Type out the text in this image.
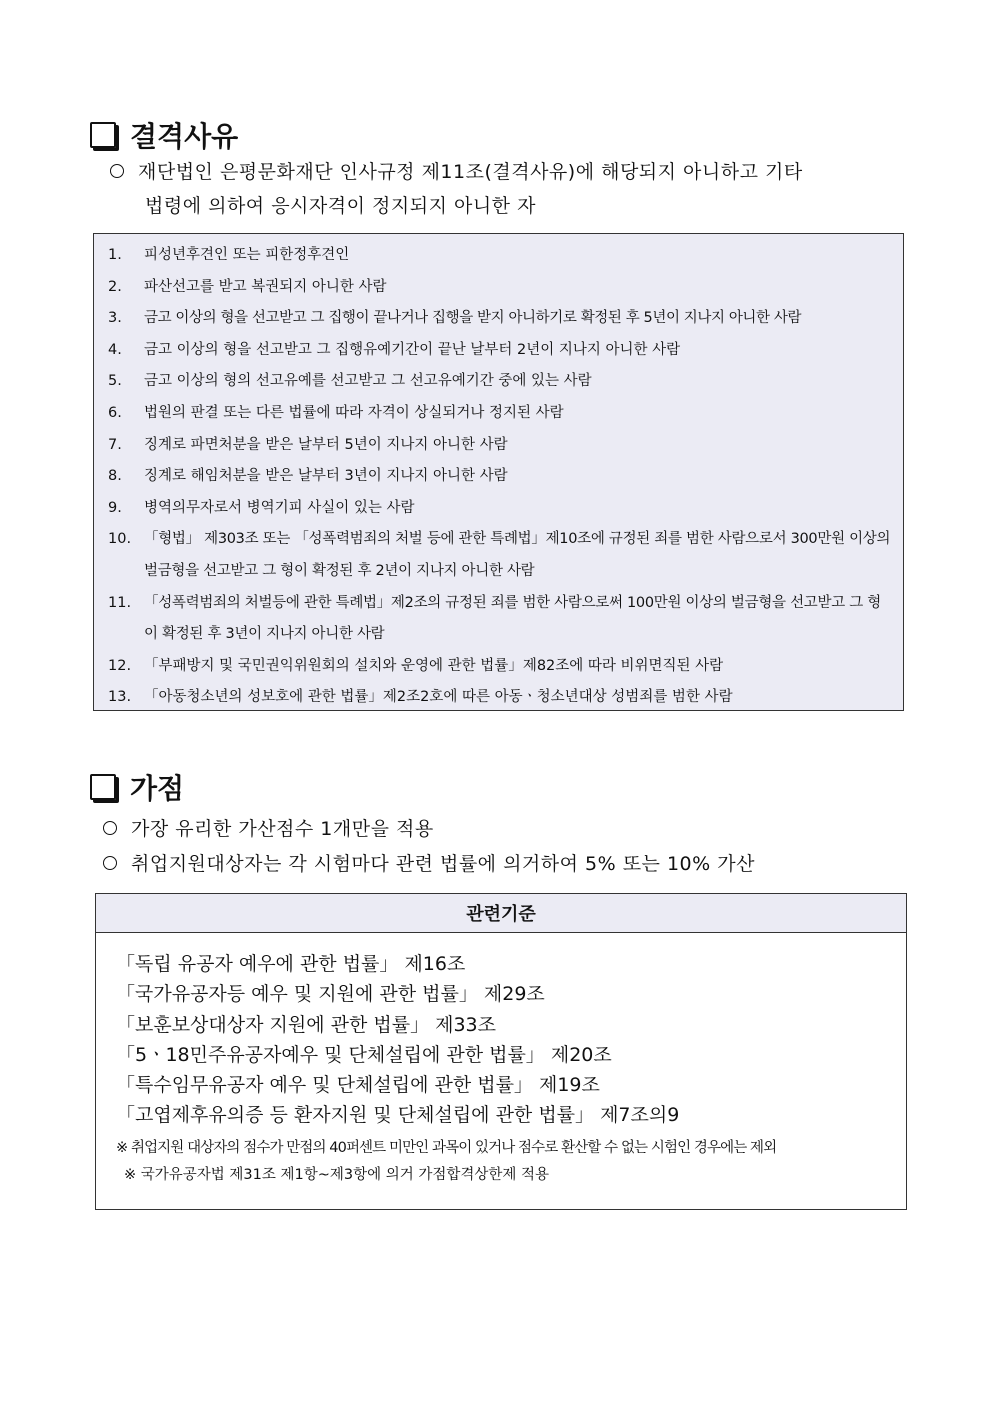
결격사유
재단법인 은평문화재단 인사규정 제11조(결격사유)에 해당되지 아니하고 기타
법령에 의하여 응시자격이 정지되지 아니한 자
1.	피성년후견인 또는 피한정후견인
2.	파산선고를 받고 복권되지 아니한 사람
3.	금고 이상의 형을 선고받고 그 집행이 끝나거나 집행을 받지 아니하기로 확정된 후 5년이 지나지 아니한 사람
4.	금고 이상의 형을 선고받고 그 집행유예기간이 끝난 날부터 2년이 지나지 아니한 사람
5.	금고 이상의 형의 선고유예를 선고받고 그 선고유예기간 중에 있는 사람
6.	법원의 판결 또는 다른 법률에 따라 자격이 상실되거나 정지된 사람
7.	징계로 파면처분을 받은 날부터 5년이 지나지 아니한 사람
8.	징계로 해임처분을 받은 날부터 3년이 지나지 아니한 사람
9.	병역의무자로서 병역기피 사실이 있는 사람
10. 「형법」 제303조 또는 「성폭력범죄의 처벌 등에 관한 특례법」제10조에 규정된 죄를 범한 사람으로서 300만원 이상의 벌금형을 선고받고 그 형이 확정된 후 2년이 지나지 아니한 사람
11. 「성폭력범죄의 처벌등에 관한 특례법」제2조의 규정된 죄를 범한 사람으로써 100만원 이상의 벌금형을 선고받고 그 형이 확정된 후 3년이 지나지 아니한 사람
12. 「부패방지 및 국민권익위원회의 설치와 운영에 관한 법률」제82조에 따라 비위면직된 사람
13. 「아동청소년의 성보호에 관한 법률」제2조2호에 따른 아동ㆍ청소년대상 성범죄를 범한 사람
가점
가장 유리한 가산점수 1개만을 적용
취업지원대상자는 각 시험마다 관련 법률에 의거하여 5% 또는 10% 가산
관련기준
「독립 유공자 예우에 관한 법률」 제16조
「국가유공자등 예우 및 지원에 관한 법률」 제29조
「보훈보상대상자 지원에 관한 법률」 제33조
「5ㆍ18민주유공자예우 및 단체설립에 관한 법률」 제20조
「특수임무유공자 예우 및 단체설립에 관한 법률」 제19조
「고엽제후유의증 등 환자지원 및 단체설립에 관한 법률」 제7조의9
※ 취업지원 대상자의 점수가 만점의 40퍼센트 미만인 과목이 있거나 점수로 환산할 수 없는 시험인 경우에는 제외
※ 국가유공자법 제31조 제1항~제3항에 의거 가점합격상한제 적용
